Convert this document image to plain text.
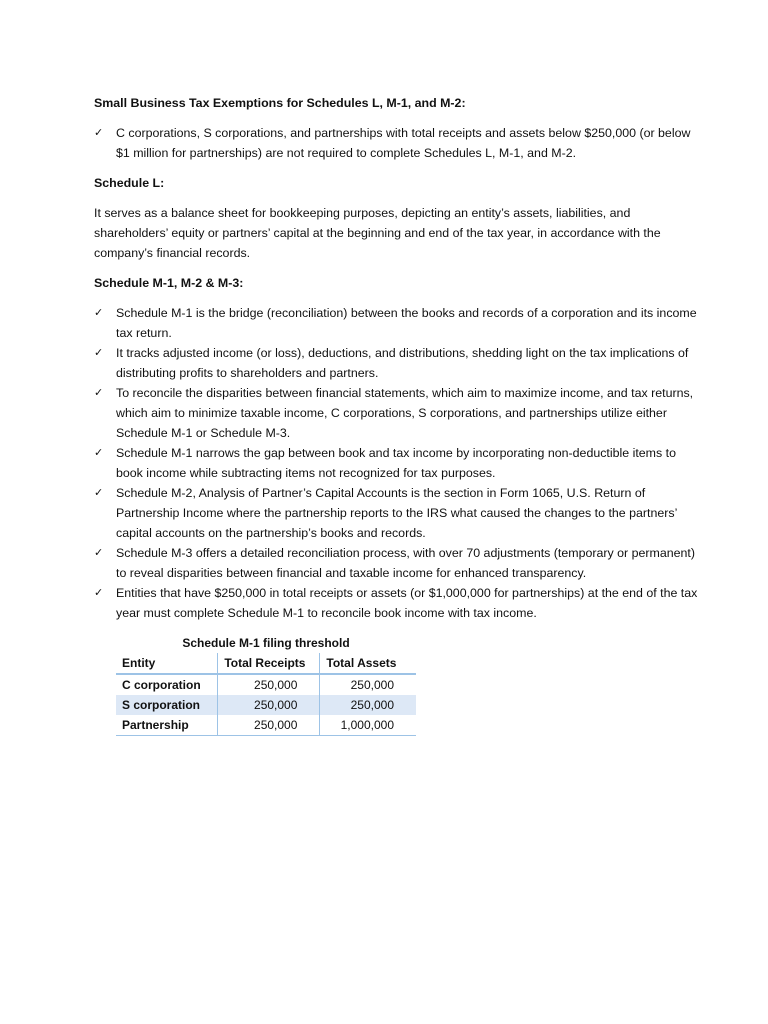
Small Business Tax Exemptions for Schedules L, M-1, and M-2:

✓ C corporations, S corporations, and partnerships with total receipts and assets below $250,000 (or below $1 million for partnerships) are not required to complete Schedules L, M-1, and M-2.

Schedule L:

It serves as a balance sheet for bookkeeping purposes, depicting an entity’s assets, liabilities, and shareholders’ equity or partners’ capital at the beginning and end of the tax year, in accordance with the company’s financial records.

Schedule M-1, M-2 & M-3:

✓ Schedule M-1 is the bridge (reconciliation) between the books and records of a corporation and its income tax return.
✓ It tracks adjusted income (or loss), deductions, and distributions, shedding light on the tax implications of distributing profits to shareholders and partners.
✓ To reconcile the disparities between financial statements, which aim to maximize income, and tax returns, which aim to minimize taxable income, C corporations, S corporations, and partnerships utilize either Schedule M-1 or Schedule M-3.
✓ Schedule M-1 narrows the gap between book and tax income by incorporating non-deductible items to book income while subtracting items not recognized for tax purposes.
✓ Schedule M-2, Analysis of Partner’s Capital Accounts is the section in Form 1065, U.S. Return of Partnership Income where the partnership reports to the IRS what caused the changes to the partners’ capital accounts on the partnership’s books and records.
✓ Schedule M-3 offers a detailed reconciliation process, with over 70 adjustments (temporary or permanent) to reveal disparities between financial and taxable income for enhanced transparency.
✓ Entities that have $250,000 in total receipts or assets (or $1,000,000 for partnerships) at the end of the tax year must complete Schedule M-1 to reconcile book income with tax income.
Schedule M-1 filing threshold
Entity	Total Receipts	Total Assets
C corporation	250,000	250,000
S corporation	250,000	250,000
Partnership	250,000	1,000,000
